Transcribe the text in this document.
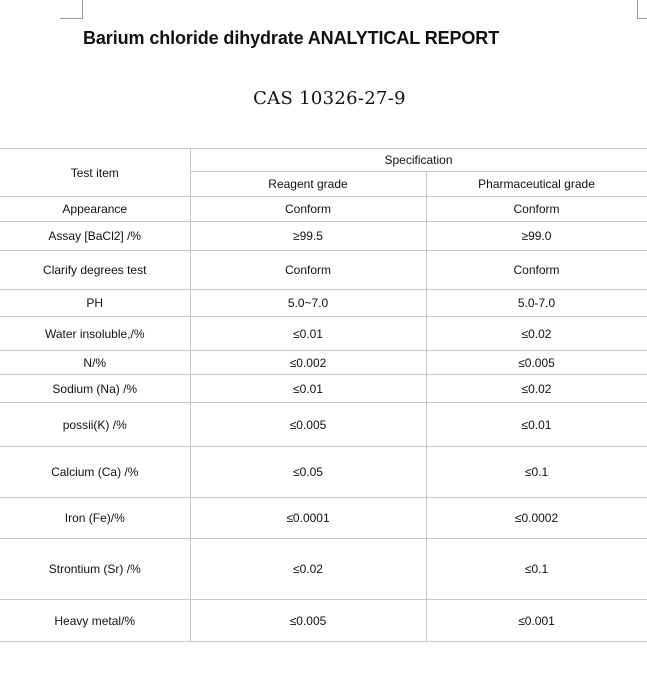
Barium chloride dihydrate ANALYTICAL REPORT
CAS 10326-27-9
Test item	Specification	
	Reagent grade	Pharmaceutical grade
Appearance	Conform	Conform
Assay [BaCl2] /%	≥99.5	≥99.0
Clarify degrees test	Conform	Conform
PH	5.0~7.0	5.0-7.0
Water insoluble,/%	≤0.01	≤0.02
N/%	≤0.002	≤0.005
Sodium (Na) /%	≤0.01	≤0.02
possii(K) /%	≤0.005	≤0.01
Calcium (Ca) /%	≤0.05	≤0.1
Iron (Fe)/%	≤0.0001	≤0.0002
Strontium (Sr) /%	≤0.02	≤0.1
Heavy metal/%	≤0.005	≤0.001
